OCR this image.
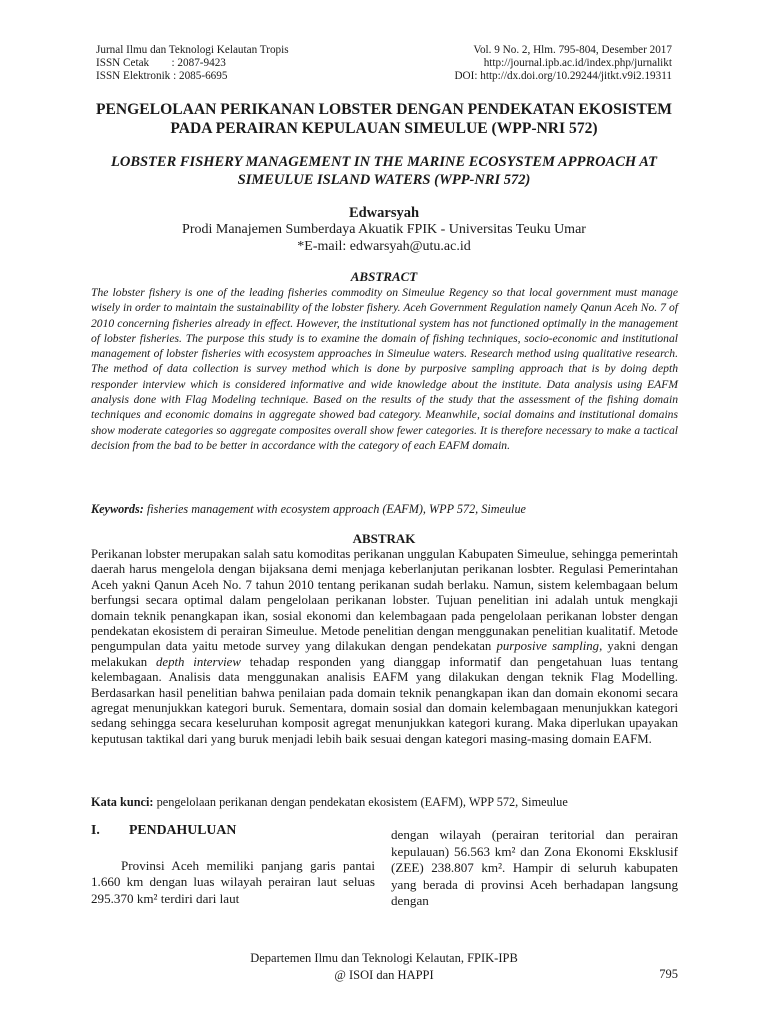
Jurnal Ilmu dan Teknologi Kelautan Tropis	Vol. 9 No. 2, Hlm. 795-804, Desember 2017
ISSN Cetak        : 2087-9423	http://journal.ipb.ac.id/index.php/jurnalikt
ISSN Elektronik : 2085-6695	DOI: http://dx.doi.org/10.29244/jitkt.v9i2.19311
PENGELOLAAN PERIKANAN LOBSTER DENGAN PENDEKATAN EKOSISTEM
PADA PERAIRAN KEPULAUAN SIMEULUE (WPP-NRI 572)
LOBSTER FISHERY MANAGEMENT IN THE MARINE ECOSYSTEM APPROACH AT
SIMEULUE ISLAND WATERS (WPP-NRI 572)
Edwarsyah
Prodi Manajemen Sumberdaya Akuatik FPIK - Universitas Teuku Umar
*E-mail: edwarsyah@utu.ac.id
ABSTRACT
The lobster fishery is one of the leading fisheries commodity on Simeulue Regency so that local government must manage wisely in order to maintain the sustainability of the lobster fishery. Aceh Government Regulation namely Qanun Aceh No. 7 of 2010 concerning fisheries already in effect. However, the institutional system has not functioned optimally in the management of lobster fisheries. The purpose this study is to examine the domain of fishing techniques, socio-economic and institutional management of lobster fisheries with ecosystem approaches in Simeulue waters. Research method using qualitative research. The method of data collection is survey method which is done by purposive sampling approach that is by doing depth responder interview which is considered informative and wide knowledge about the institute. Data analysis using EAFM analysis done with Flag Modeling technique. Based on the results of the study that the assessment of the fishing domain techniques and economic domains in aggregate showed bad category. Meanwhile, social domains and institutional domains show moderate categories so aggregate composites overall show fewer categories. It is therefore necessary to make a tactical decision from the bad to be better in accordance with the category of each EAFM domain.
Keywords: fisheries management with ecosystem approach (EAFM), WPP 572, Simeulue
ABSTRAK
Perikanan lobster merupakan salah satu komoditas perikanan unggulan Kabupaten Simeulue, sehingga pemerintah daerah harus mengelola dengan bijaksana demi menjaga keberlanjutan perikanan losbter. Regulasi Pemerintahan Aceh yakni Qanun Aceh No. 7 tahun 2010 tentang perikanan sudah berlaku. Namun, sistem kelembagaan belum berfungsi secara optimal dalam pengelolaan perikanan lobster. Tujuan penelitian ini adalah untuk mengkaji domain teknik penangkapan ikan, sosial ekonomi dan kelembagaan pada pengelolaan perikanan lobster dengan pendekatan ekosistem di perairan Simeulue. Metode penelitian dengan menggunakan penelitian kualitatif. Metode pengumpulan data yaitu metode survey yang dilakukan dengan pendekatan purposive sampling, yakni dengan melakukan depth interview tehadap responden yang dianggap informatif dan pengetahuan luas tentang kelembagaan. Analisis data menggunakan analisis EAFM yang dilakukan dengan teknik Flag Modelling. Berdasarkan hasil penelitian bahwa penilaian pada domain teknik penangkapan ikan dan domain ekonomi secara agregat menunjukkan kategori buruk. Sementara, domain sosial dan domain kelembagaan menunjukkan kategori sedang sehingga secara keseluruhan komposit agregat menunjukkan kategori kurang. Maka diperlukan upayakan keputusan taktikal dari yang buruk menjadi lebih baik sesuai dengan kategori masing-masing domain EAFM.
Kata kunci: pengelolaan perikanan dengan pendekatan ekosistem (EAFM), WPP 572, Simeulue
I.	PENDAHULUAN

Provinsi Aceh memiliki panjang garis pantai 1.660 km dengan luas wilayah perairan laut seluas 295.370 km² terdiri dari laut

dengan wilayah (perairan teritorial dan perairan kepulauan) 56.563 km² dan Zona Ekonomi Eksklusif (ZEE) 238.807 km². Hampir di seluruh kabupaten yang berada di provinsi Aceh berhadapan langsung dengan

Departemen Ilmu dan Teknologi Kelautan, FPIK-IPB
@ ISOI dan HAPPI	795
